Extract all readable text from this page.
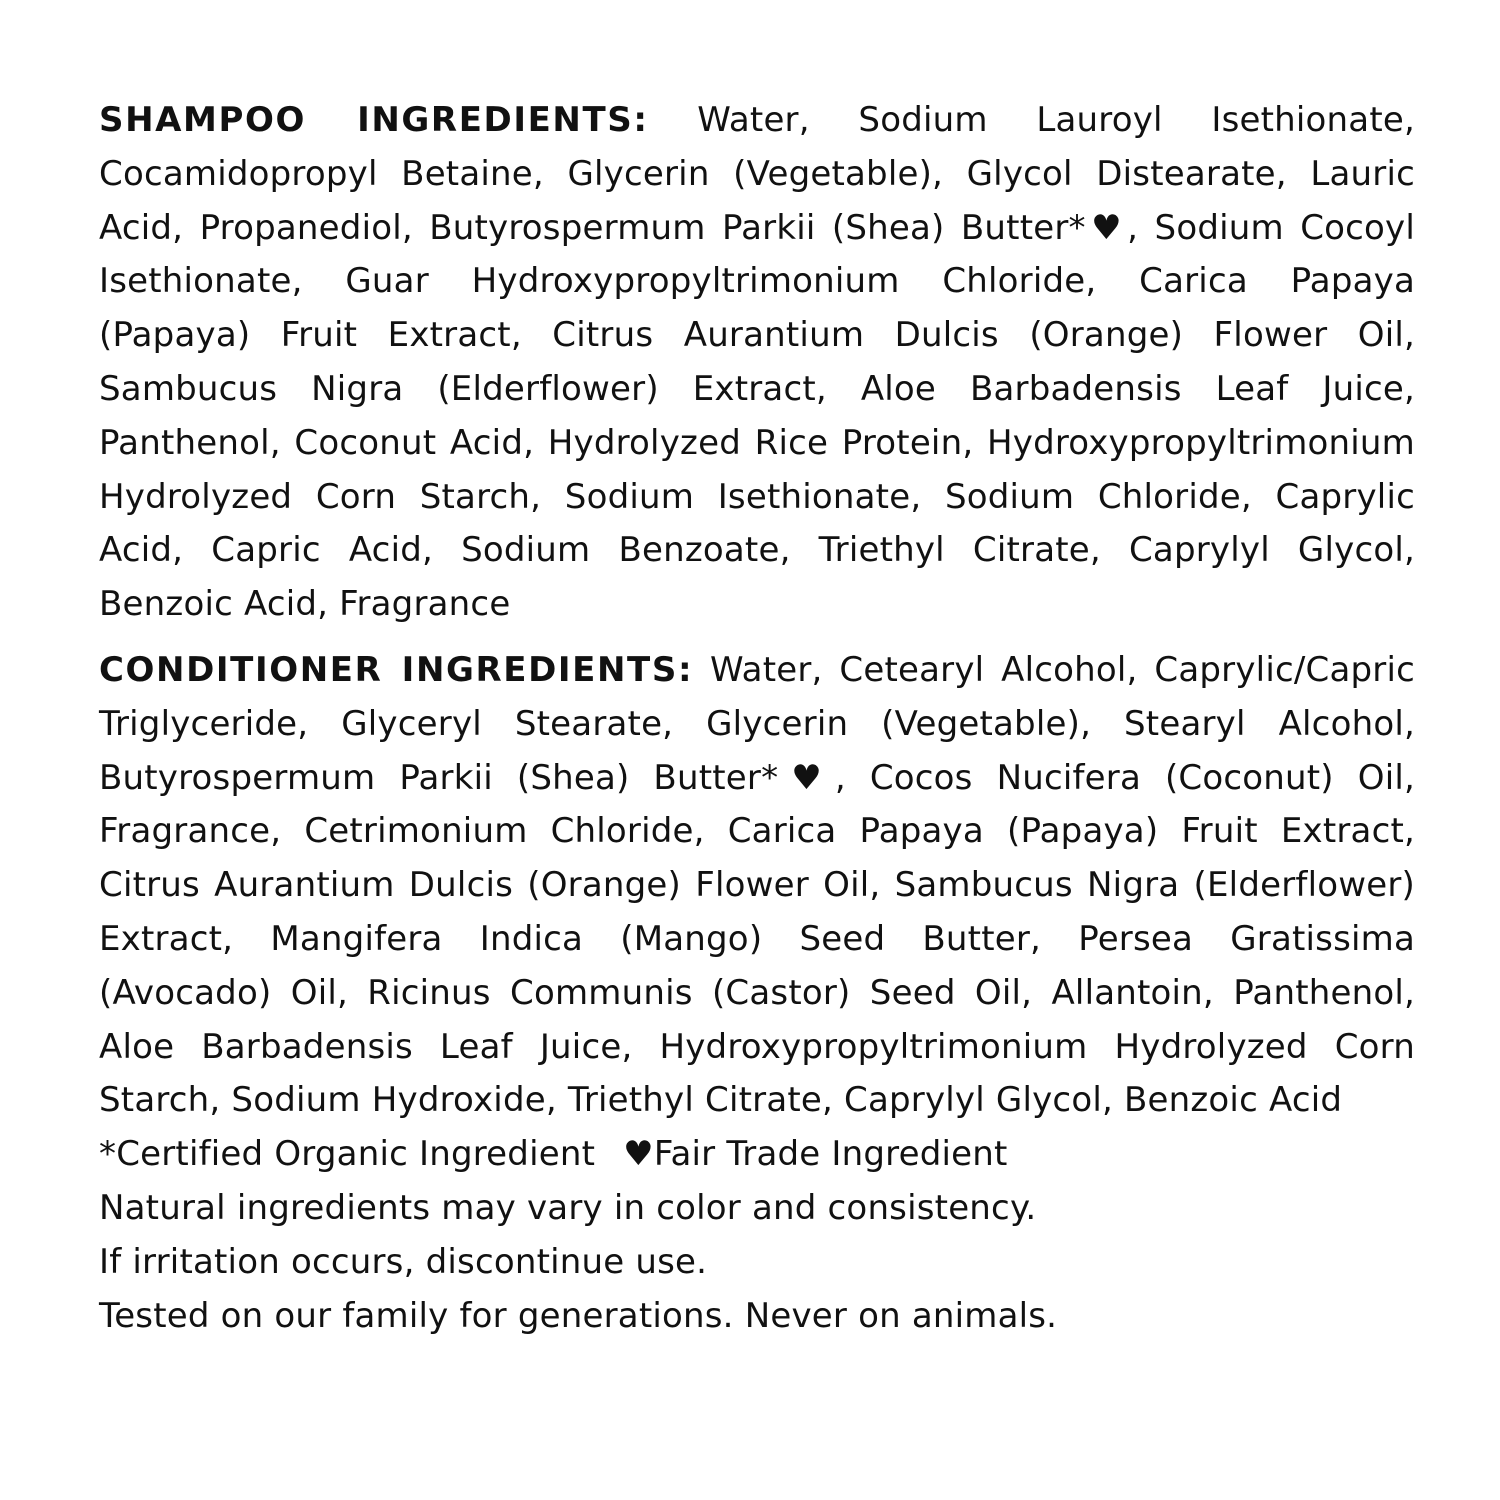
SHAMPOO INGREDIENTS: Water, Sodium Lauroyl Isethionate, Cocamidopropyl Betaine, Glycerin (Vegetable), Glycol Distearate, Lauric Acid, Propanediol, Butyrospermum Parkii (Shea) Butter*♥, Sodium Cocoyl Isethionate, Guar Hydroxypropyltrimonium Chloride, Carica Papaya (Papaya) Fruit Extract, Citrus Aurantium Dulcis (Orange) Flower Oil, Sambucus Nigra (Elderflower) Extract, Aloe Barbadensis Leaf Juice, Panthenol, Coconut Acid, Hydrolyzed Rice Protein, Hydroxypropyltrimonium Hydrolyzed Corn Starch, Sodium Isethionate, Sodium Chloride, Caprylic Acid, Capric Acid, Sodium Benzoate, Triethyl Citrate, Caprylyl Glycol, Benzoic Acid, Fragrance

CONDITIONER INGREDIENTS: Water, Cetearyl Alcohol, Caprylic/Capric Triglyceride, Glyceryl Stearate, Glycerin (Vegetable), Stearyl Alcohol, Butyrospermum Parkii (Shea) Butter*♥, Cocos Nucifera (Coconut) Oil, Fragrance, Cetrimonium Chloride, Carica Papaya (Papaya) Fruit Extract, Citrus Aurantium Dulcis (Orange) Flower Oil, Sambucus Nigra (Elderflower) Extract, Mangifera Indica (Mango) Seed Butter, Persea Gratissima (Avocado) Oil, Ricinus Communis (Castor) Seed Oil, Allantoin, Panthenol, Aloe Barbadensis Leaf Juice, Hydroxypropyltrimonium Hydrolyzed Corn Starch, Sodium Hydroxide, Triethyl Citrate, Caprylyl Glycol, Benzoic Acid

*Certified Organic Ingredient ♥Fair Trade Ingredient
Natural ingredients may vary in color and consistency.
If irritation occurs, discontinue use.
Tested on our family for generations. Never on animals.
